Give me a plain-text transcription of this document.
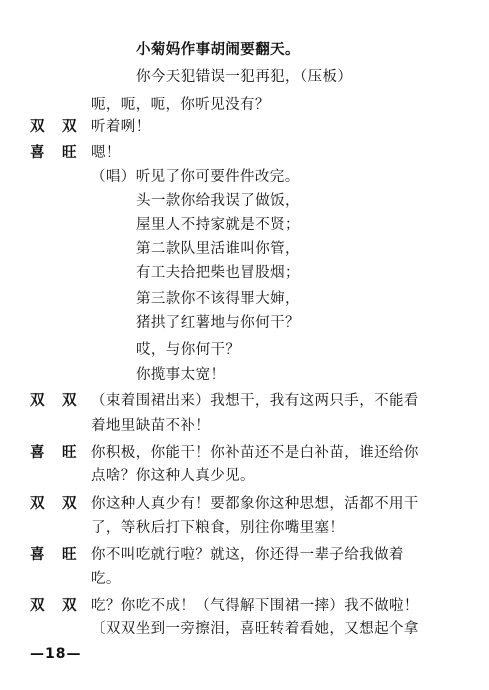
小菊妈作事胡闹要翻天。
你今天犯错误一犯再犯，（压板）
呃，呃，呃，你听见没有？
双 双 听着咧！
喜 旺 嗯！
（唱）听见了你可要件件改完。
头一款你给我误了做饭，
屋里人不持家就是不贤；
第二款队里活谁叫你管，
有工夫拾把柴也冒股烟；
第三款你不该得罪大婶，
猪拱了红薯地与你何干？
哎，与你何干？
你揽事太宽！
双 双 （束着围裙出来）我想干，我有这两只手，不能看
着地里缺苗不补！
喜 旺 你积极，你能干！你补苗还不是白补苗，谁还给你
点啥？你这种人真少见。
双 双 你这种人真少有！要都象你这种思想，活都不用干
了，等秋后打下粮食，别往你嘴里塞！
喜 旺 你不叫吃就行啦？就这，你还得一辈子给我做着
吃。
双 双 吃？你吃不成！（气得解下围裙一摔）我不做啦！
〔双双坐到一旁擦泪，喜旺转着看她，又想起个拿
—18—
